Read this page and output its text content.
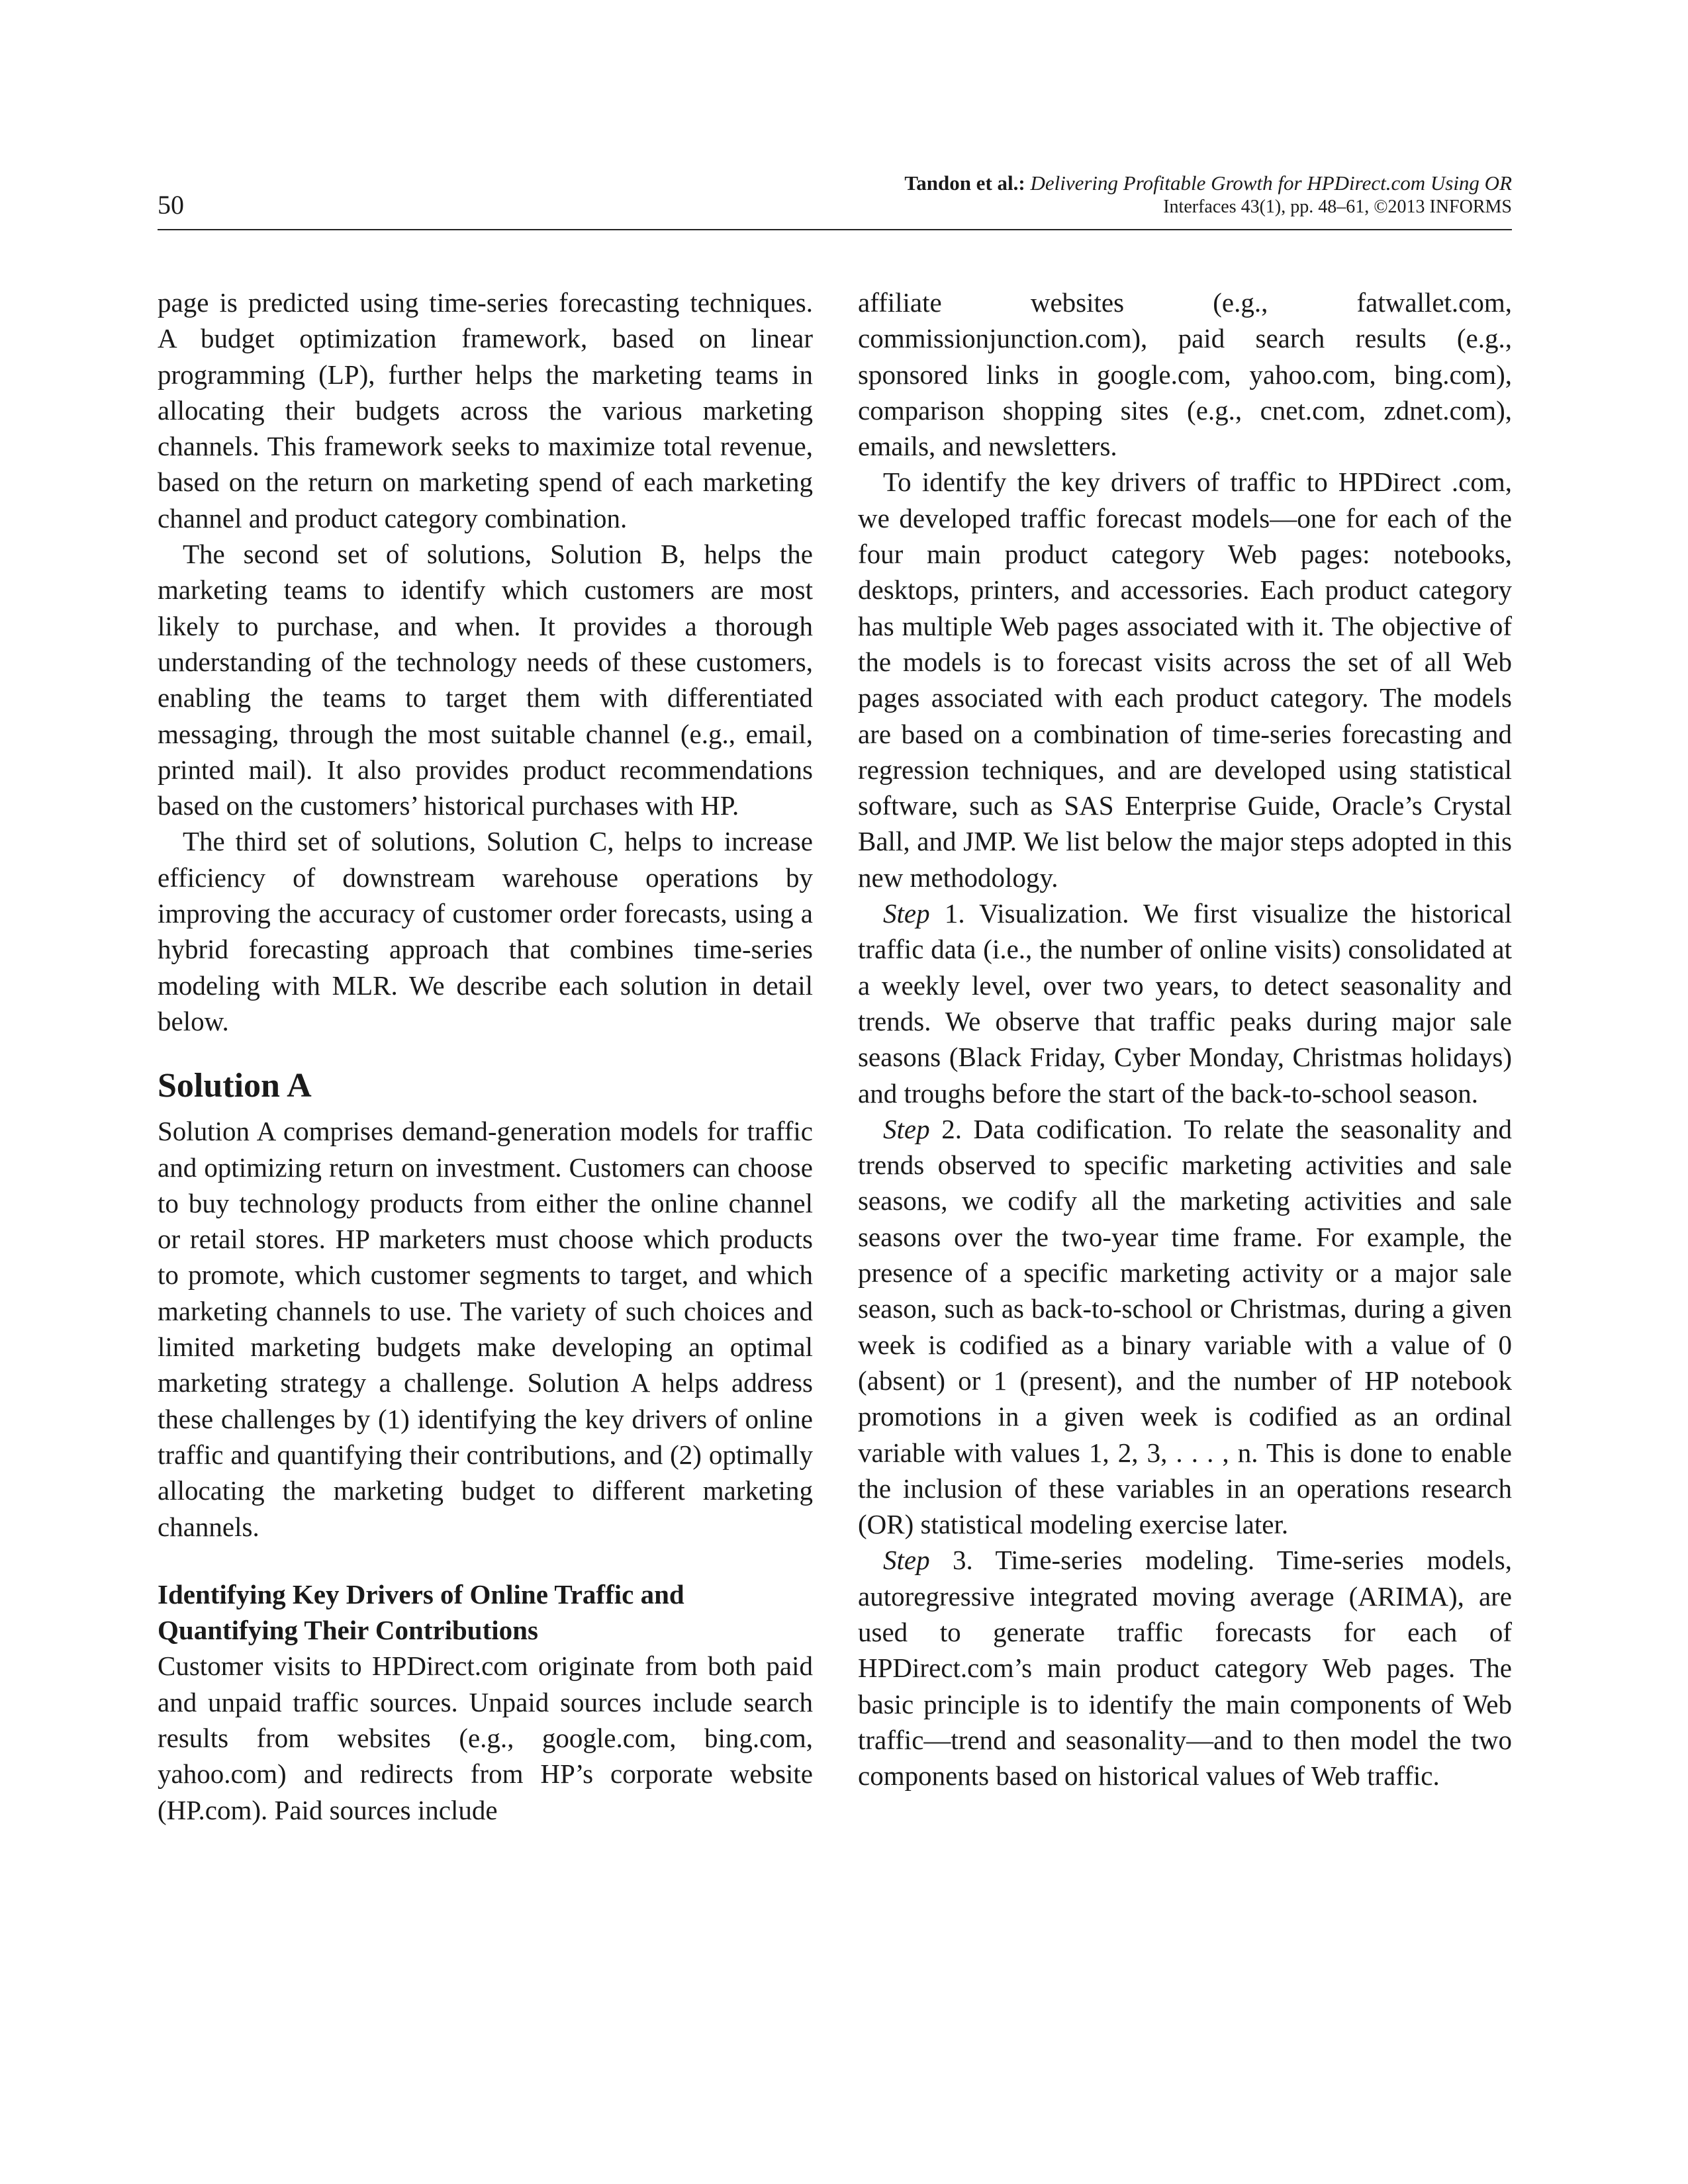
50
Tandon et al.: Delivering Profitable Growth for HPDirect.com Using OR
Interfaces 43(1), pp. 48–61, ©2013 INFORMS

page is predicted using time-series forecasting techniques. A budget optimization framework, based on linear programming (LP), further helps the marketing teams in allocating their budgets across the various marketing channels. This framework seeks to maximize total revenue, based on the return on marketing spend of each marketing channel and product category combination.

The second set of solutions, Solution B, helps the marketing teams to identify which customers are most likely to purchase, and when. It provides a thorough understanding of the technology needs of these customers, enabling the teams to target them with differentiated messaging, through the most suitable channel (e.g., email, printed mail). It also provides product recommendations based on the customers’ historical purchases with HP.

The third set of solutions, Solution C, helps to increase efficiency of downstream warehouse operations by improving the accuracy of customer order forecasts, using a hybrid forecasting approach that combines time-series modeling with MLR. We describe each solution in detail below.

Solution A

Solution A comprises demand-generation models for traffic and optimizing return on investment. Customers can choose to buy technology products from either the online channel or retail stores. HP marketers must choose which products to promote, which customer segments to target, and which marketing channels to use. The variety of such choices and limited marketing budgets make developing an optimal marketing strategy a challenge. Solution A helps address these challenges by (1) identifying the key drivers of online traffic and quantifying their contributions, and (2) optimally allocating the marketing budget to different marketing channels.

Identifying Key Drivers of Online Traffic and Quantifying Their Contributions

Customer visits to HPDirect.com originate from both paid and unpaid traffic sources. Unpaid sources include search results from websites (e.g., google.com, bing.com, yahoo.com) and redirects from HP’s corporate website (HP.com). Paid sources include

affiliate websites (e.g., fatwallet.com, commissionjunction.com), paid search results (e.g., sponsored links in google.com, yahoo.com, bing.com), comparison shopping sites (e.g., cnet.com, zdnet.com), emails, and newsletters.

To identify the key drivers of traffic to HPDirect .com, we developed traffic forecast models—one for each of the four main product category Web pages: notebooks, desktops, printers, and accessories. Each product category has multiple Web pages associated with it. The objective of the models is to forecast visits across the set of all Web pages associated with each product category. The models are based on a combination of time-series forecasting and regression techniques, and are developed using statistical software, such as SAS Enterprise Guide, Oracle’s Crystal Ball, and JMP. We list below the major steps adopted in this new methodology.

Step 1. Visualization. We first visualize the historical traffic data (i.e., the number of online visits) consolidated at a weekly level, over two years, to detect seasonality and trends. We observe that traffic peaks during major sale seasons (Black Friday, Cyber Monday, Christmas holidays) and troughs before the start of the back-to-school season.

Step 2. Data codification. To relate the seasonality and trends observed to specific marketing activities and sale seasons, we codify all the marketing activities and sale seasons over the two-year time frame. For example, the presence of a specific marketing activity or a major sale season, such as back-to-school or Christmas, during a given week is codified as a binary variable with a value of 0 (absent) or 1 (present), and the number of HP notebook promotions in a given week is codified as an ordinal variable with values 1, 2, 3, . . . , n. This is done to enable the inclusion of these variables in an operations research (OR) statistical modeling exercise later.

Step 3. Time-series modeling. Time-series models, autoregressive integrated moving average (ARIMA), are used to generate traffic forecasts for each of HPDirect.com’s main product category Web pages. The basic principle is to identify the main components of Web traffic—trend and seasonality—and to then model the two components based on historical values of Web traffic.
